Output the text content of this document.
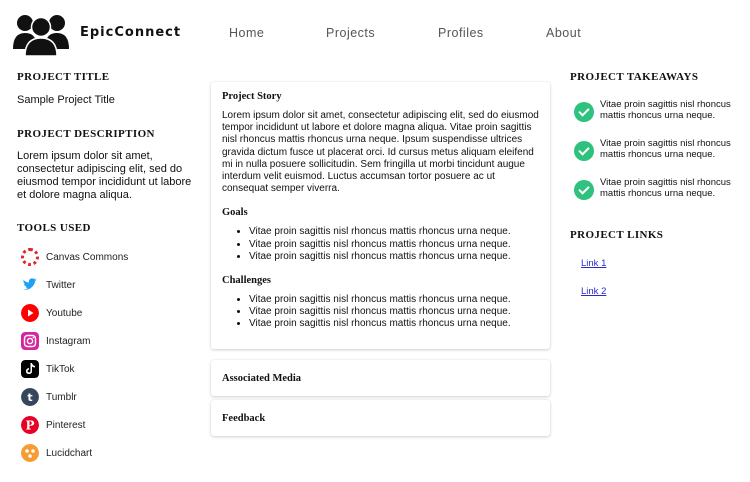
EpicConnect	Home	Projects	Profiles	About
PROJECT TITLE
Sample Project Title
PROJECT DESCRIPTION
Lorem ipsum dolor sit amet, consectetur adipiscing elit, sed do eiusmod tempor incididunt ut labore et dolore magna aliqua.
TOOLS USED
Canvas Commons
Twitter
Youtube
Instagram
TikTok
t Tumblr
P Pinterest
Lucidchart
Project Story
Lorem ipsum dolor sit amet, consectetur adipiscing elit, sed do eiusmod tempor incididunt ut labore et dolore magna aliqua. Vitae proin sagittis nisl rhoncus mattis rhoncus urna neque. Ipsum suspendisse ultrices gravida dictum fusce ut placerat orci. Id cursus metus aliquam eleifend mi in nulla posuere sollicitudin. Sem fringilla ut morbi tincidunt augue interdum velit euismod. Luctus accumsan tortor posuere ac ut consequat semper viverra.
Goals
• Vitae proin sagittis nisl rhoncus mattis rhoncus urna neque.
• Vitae proin sagittis nisl rhoncus mattis rhoncus urna neque.
• Vitae proin sagittis nisl rhoncus mattis rhoncus urna neque.
Challenges
• Vitae proin sagittis nisl rhoncus mattis rhoncus urna neque.
• Vitae proin sagittis nisl rhoncus mattis rhoncus urna neque.
• Vitae proin sagittis nisl rhoncus mattis rhoncus urna neque.
Associated Media
Feedback
PROJECT TAKEAWAYS
Vitae proin sagittis nisl rhoncus mattis rhoncus urna neque.
Vitae proin sagittis nisl rhoncus mattis rhoncus urna neque.
Vitae proin sagittis nisl rhoncus mattis rhoncus urna neque.
PROJECT LINKS
Link 1
Link 2
